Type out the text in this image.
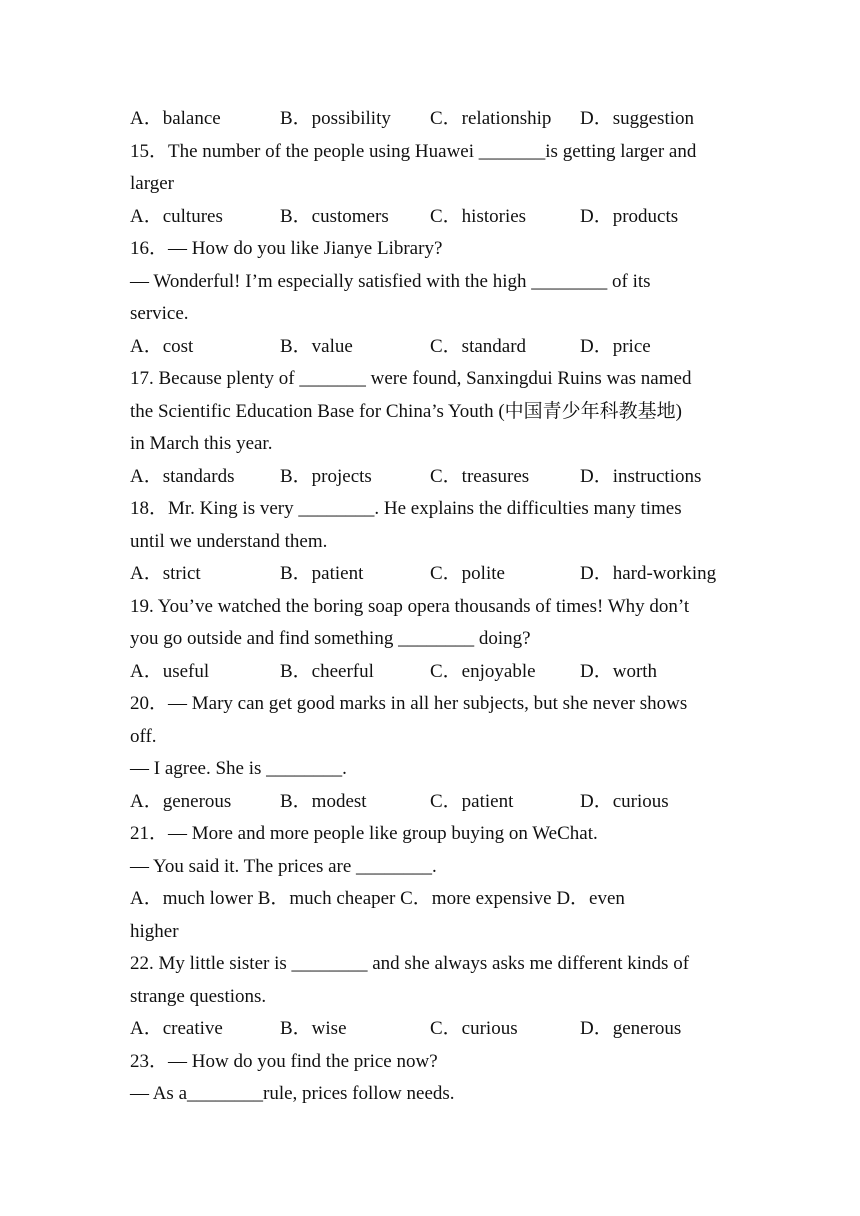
A．balance	B．possibility C．relationship D．suggestion
15．The number of the people using Huawei _______is getting larger and
larger
A．cultures	B．customers C．histories	D．products
16．— How do you like Jianye Library?
— Wonderful! I’m especially satisfied with the high ________ of its
service.
A．cost	B．value	C．standard	D．price
17. Because plenty of _______ were found, Sanxingdui Ruins was named
the Scientific Education Base for China’s Youth (中国青少年科教基地)
in March this year.
A．standards B．projects	C．treasures	D．instructions
18．Mr. King is very ________. He explains the difficulties many times
until we understand them.
A．strict	B．patient	C．polite	D．hard-working
19. You’ve watched the boring soap opera thousands of times! Why don’t
you go outside and find something ________ doing?
A．useful	B．cheerful	C．enjoyable D．worth
20．— Mary can get good marks in all her subjects, but she never shows
off.
— I agree. She is ________.
A．generous	B．modest	C．patient	D．curious
21．— More and more people like group buying on WeChat.
— You said it. The prices are ________.
A．much lower B．much cheaper C．more expensive D．even
higher
22. My little sister is ________ and she always asks me different kinds of
strange questions.
A．creative	B．wise	C．curious	D．generous
23．— How do you find the price now?
— As a________rule, prices follow needs.
